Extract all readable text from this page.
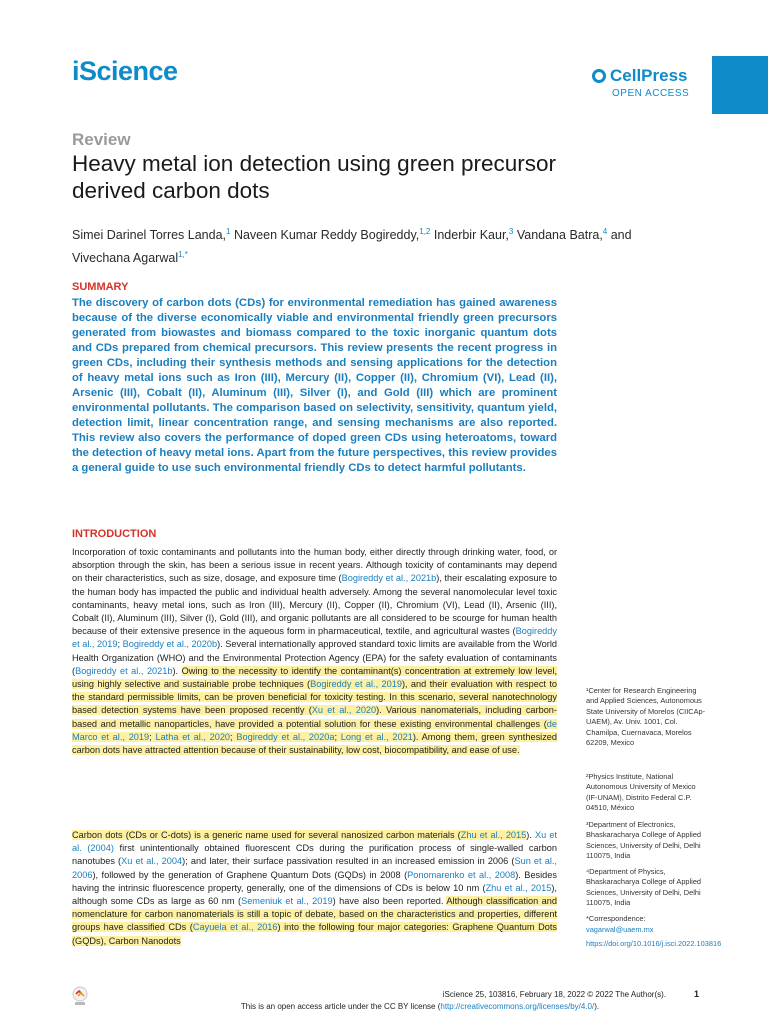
iScience	CellPress
OPEN ACCESS
Review
Heavy metal ion detection using green precursor derived carbon dots
Simei Darinel Torres Landa,$^1$ Naveen Kumar Reddy Bogireddy,$^{1,2}$ Inderbir Kaur,$^3$ Vandana Batra,$^4$ and Vivechana Agarwal$^{1,*}$
SUMMARY
The discovery of carbon dots (CDs) for environmental remediation has gained awareness because of the diverse economically viable and environmental friendly green precursors generated from biowastes and biomass compared to the toxic inorganic quantum dots and CDs prepared from chemical precursors. This review presents the recent progress in green CDs, including their synthesis methods and sensing applications for the detection of heavy metal ions such as Iron (III), Mercury (II), Copper (II), Chromium (VI), Lead (II), Arsenic (III), Cobalt (II), Aluminum (III), Silver (I), and Gold (III) which are prominent environmental pollutants. The comparison based on selectivity, sensitivity, quantum yield, detection limit, linear concentration range, and sensing mechanisms are also reported. This review also covers the performance of doped green CDs using heteroatoms, toward the detection of heavy metal ions. Apart from the future perspectives, this review provides a general guide to use such environmental friendly CDs to detect harmful pollutants.
INTRODUCTION
Incorporation of toxic contaminants and pollutants into the human body, either directly through drinking water, food, or absorption through the skin, has been a serious issue in recent years. Although toxicity of contaminants may depend on their characteristics, such as size, dosage, and exposure time (Bogireddy et al., 2021b), their escalating exposure to the human body has impacted the public and individual health adversely. Among the several nanomolecular level toxic contaminants, heavy metal ions, such as Iron (III), Mercury (II), Copper (II), Chromium (VI), Lead (II), Arsenic (III), Cobalt (II), Aluminum (III), Silver (I), Gold (III), and organic pollutants are all considered to be scourge for human health because of their extensive presence in the aqueous form in pharmaceutical, textile, and agricultural wastes (Bogireddy et al., 2019; Bogireddy et al., 2020b). Several internationally approved standard toxic limits are available from the World Health Organization (WHO) and the Environmental Protection Agency (EPA) for the safety evaluation of contaminants (Bogireddy et al., 2021b). Owing to the necessity to identify the contaminant(s) concentration at extremely low level, using highly selective and sustainable probe techniques (Bogireddy et al., 2019), and their evaluation with respect to the standard permissible limits, can be proven beneficial for toxicity testing. In this scenario, several nanotechnology based detection systems have been proposed recently (Xu et al., 2020). Various nanomaterials, including carbon-based and metallic nanoparticles, have provided a potential solution for these existing environmental challenges (de Marco et al., 2019; Latha et al., 2020; Bogireddy et al., 2020a; Long et al., 2021). Among them, green synthesized carbon dots have attracted attention because of their sustainability, low cost, biocompatibility, and ease of use.
Carbon dots (CDs or C-dots) is a generic name used for several nanosized carbon materials (Zhu et al., 2015). Xu et al. (2004) first unintentionally obtained fluorescent CDs during the purification process of single-walled carbon nanotubes (Xu et al., 2004); and later, their surface passivation resulted in an increased emission in 2006 (Sun et al., 2006), followed by the generation of Graphene Quantum Dots (GQDs) in 2008 (Ponomarenko et al., 2008). Besides having the intrinsic fluorescence property, generally, one of the dimensions of CDs is below 10 nm (Zhu et al., 2015), although some CDs as large as 60 nm (Semeniuk et al., 2019) have also been reported. Although classification and nomenclature for carbon nanomaterials is still a topic of debate, based on the characteristics and properties, different groups have classified CDs (Cayuela et al., 2016) into the following four major categories: Graphene Quantum Dots (GQDs), Carbon Nanodots
¹Center for Research Engineering and Applied Sciences, Autonomous State University of Morelos (CIICAp-UAEM), Av. Univ. 1001, Col. Chamilpa, Cuernavaca, Morelos 62209, Mexico
²Physics Institute, National Autonomous University of Mexico (IF-UNAM), Distrito Federal C.P. 04510, México
³Department of Electronics, Bhaskaracharya College of Applied Sciences, University of Delhi, Delhi 110075, India
⁴Department of Physics, Bhaskaracharya College of Applied Sciences, University of Delhi, Delhi 110075, India
*Correspondence:
vagarwal@uaem.mx
https://doi.org/10.1016/j.isci.2022.103816
iScience 25, 103816, February 18, 2022 © 2022 The Author(s).	1
This is an open access article under the CC BY license (http://creativecommons.org/licenses/by/4.0/).
